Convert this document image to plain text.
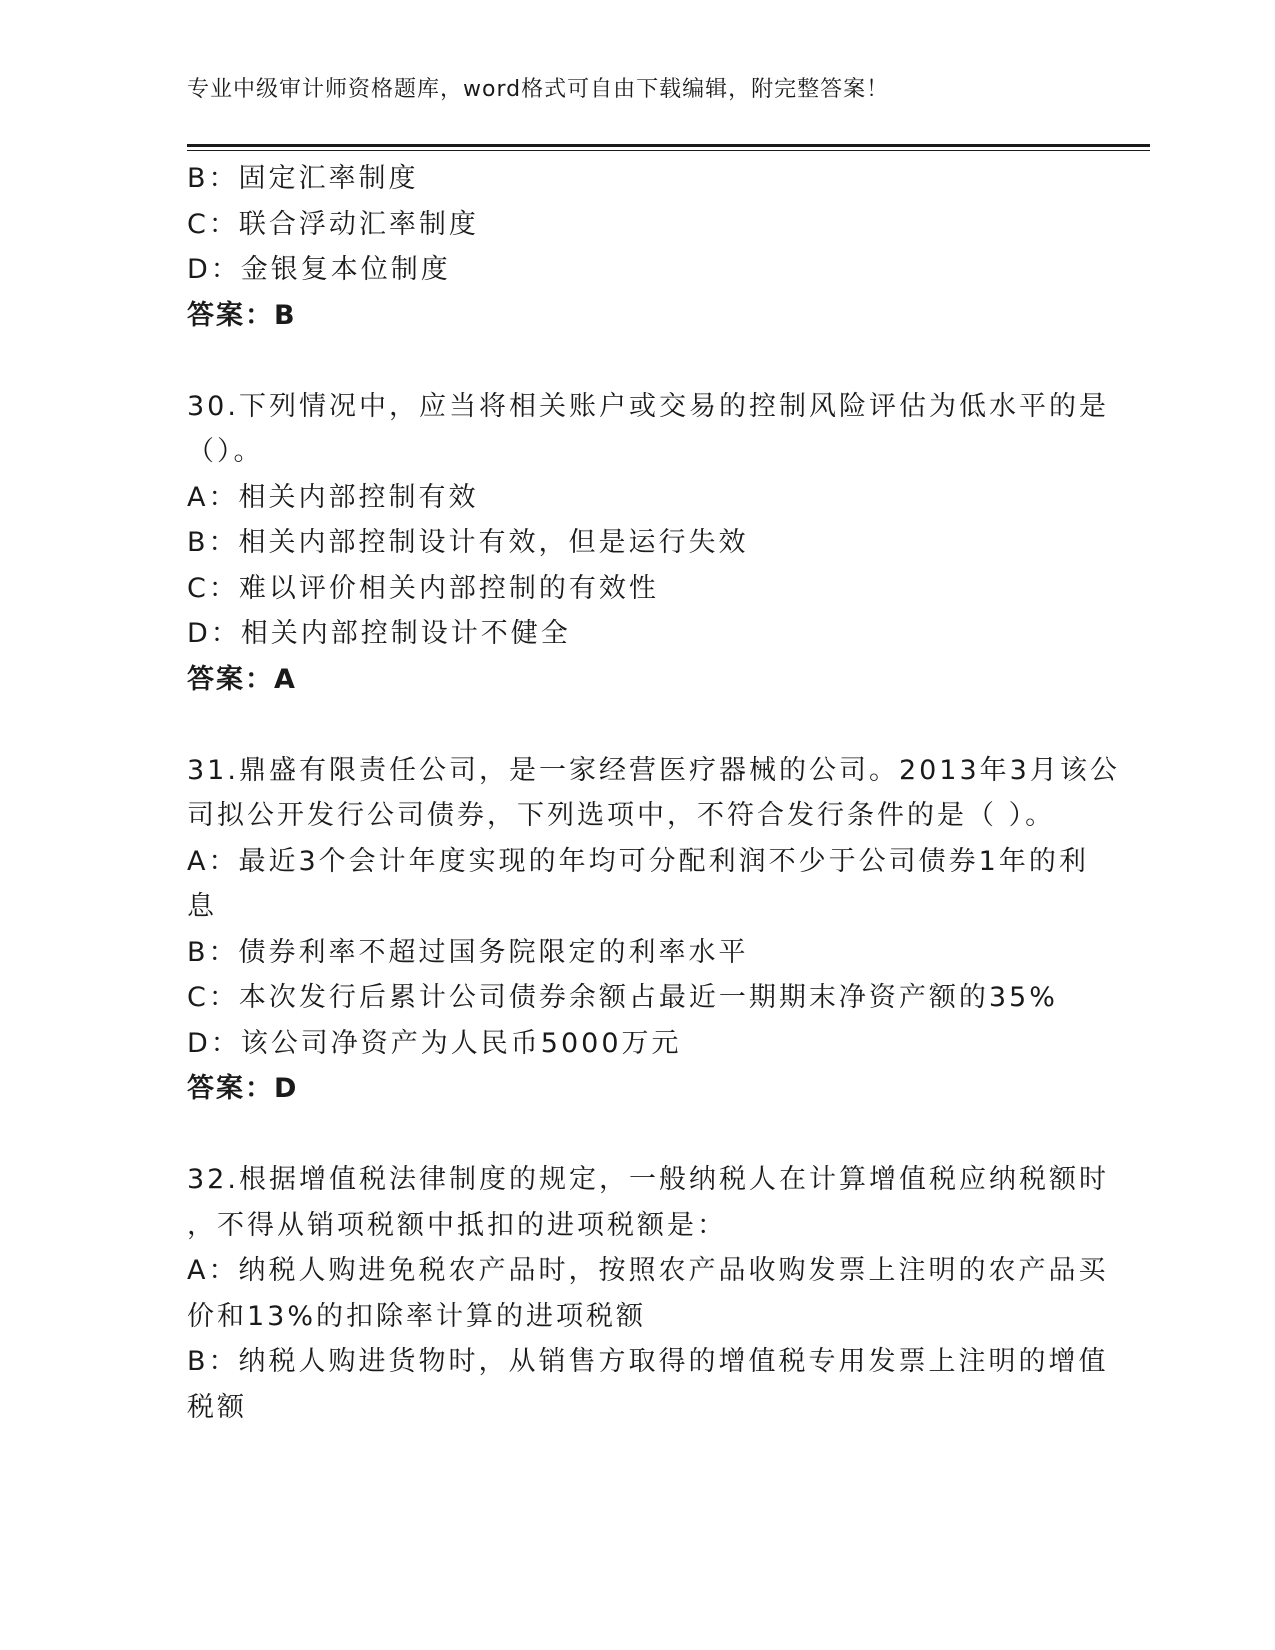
专业中级审计师资格题库，word格式可自由下载编辑，附完整答案！
B：固定汇率制度
C：联合浮动汇率制度
D：金银复本位制度
答案：B
30.下列情况中，应当将相关账户或交易的控制风险评估为低水平的是
（）。
A：相关内部控制有效
B：相关内部控制设计有效，但是运行失效
C：难以评价相关内部控制的有效性
D：相关内部控制设计不健全
答案：A
31.鼎盛有限责任公司，是一家经营医疗器械的公司。2013年3月该公
司拟公开发行公司债券，下列选项中，不符合发行条件的是（ ）。
A：最近3个会计年度实现的年均可分配利润不少于公司债券1年的利
息
B：债券利率不超过国务院限定的利率水平
C：本次发行后累计公司债券余额占最近一期期末净资产额的35%
D：该公司净资产为人民币5000万元
答案：D
32.根据增值税法律制度的规定，一般纳税人在计算增值税应纳税额时
，不得从销项税额中抵扣的进项税额是：
A：纳税人购进免税农产品时，按照农产品收购发票上注明的农产品买
价和13%的扣除率计算的进项税额
B：纳税人购进货物时，从销售方取得的增值税专用发票上注明的增值
税额
